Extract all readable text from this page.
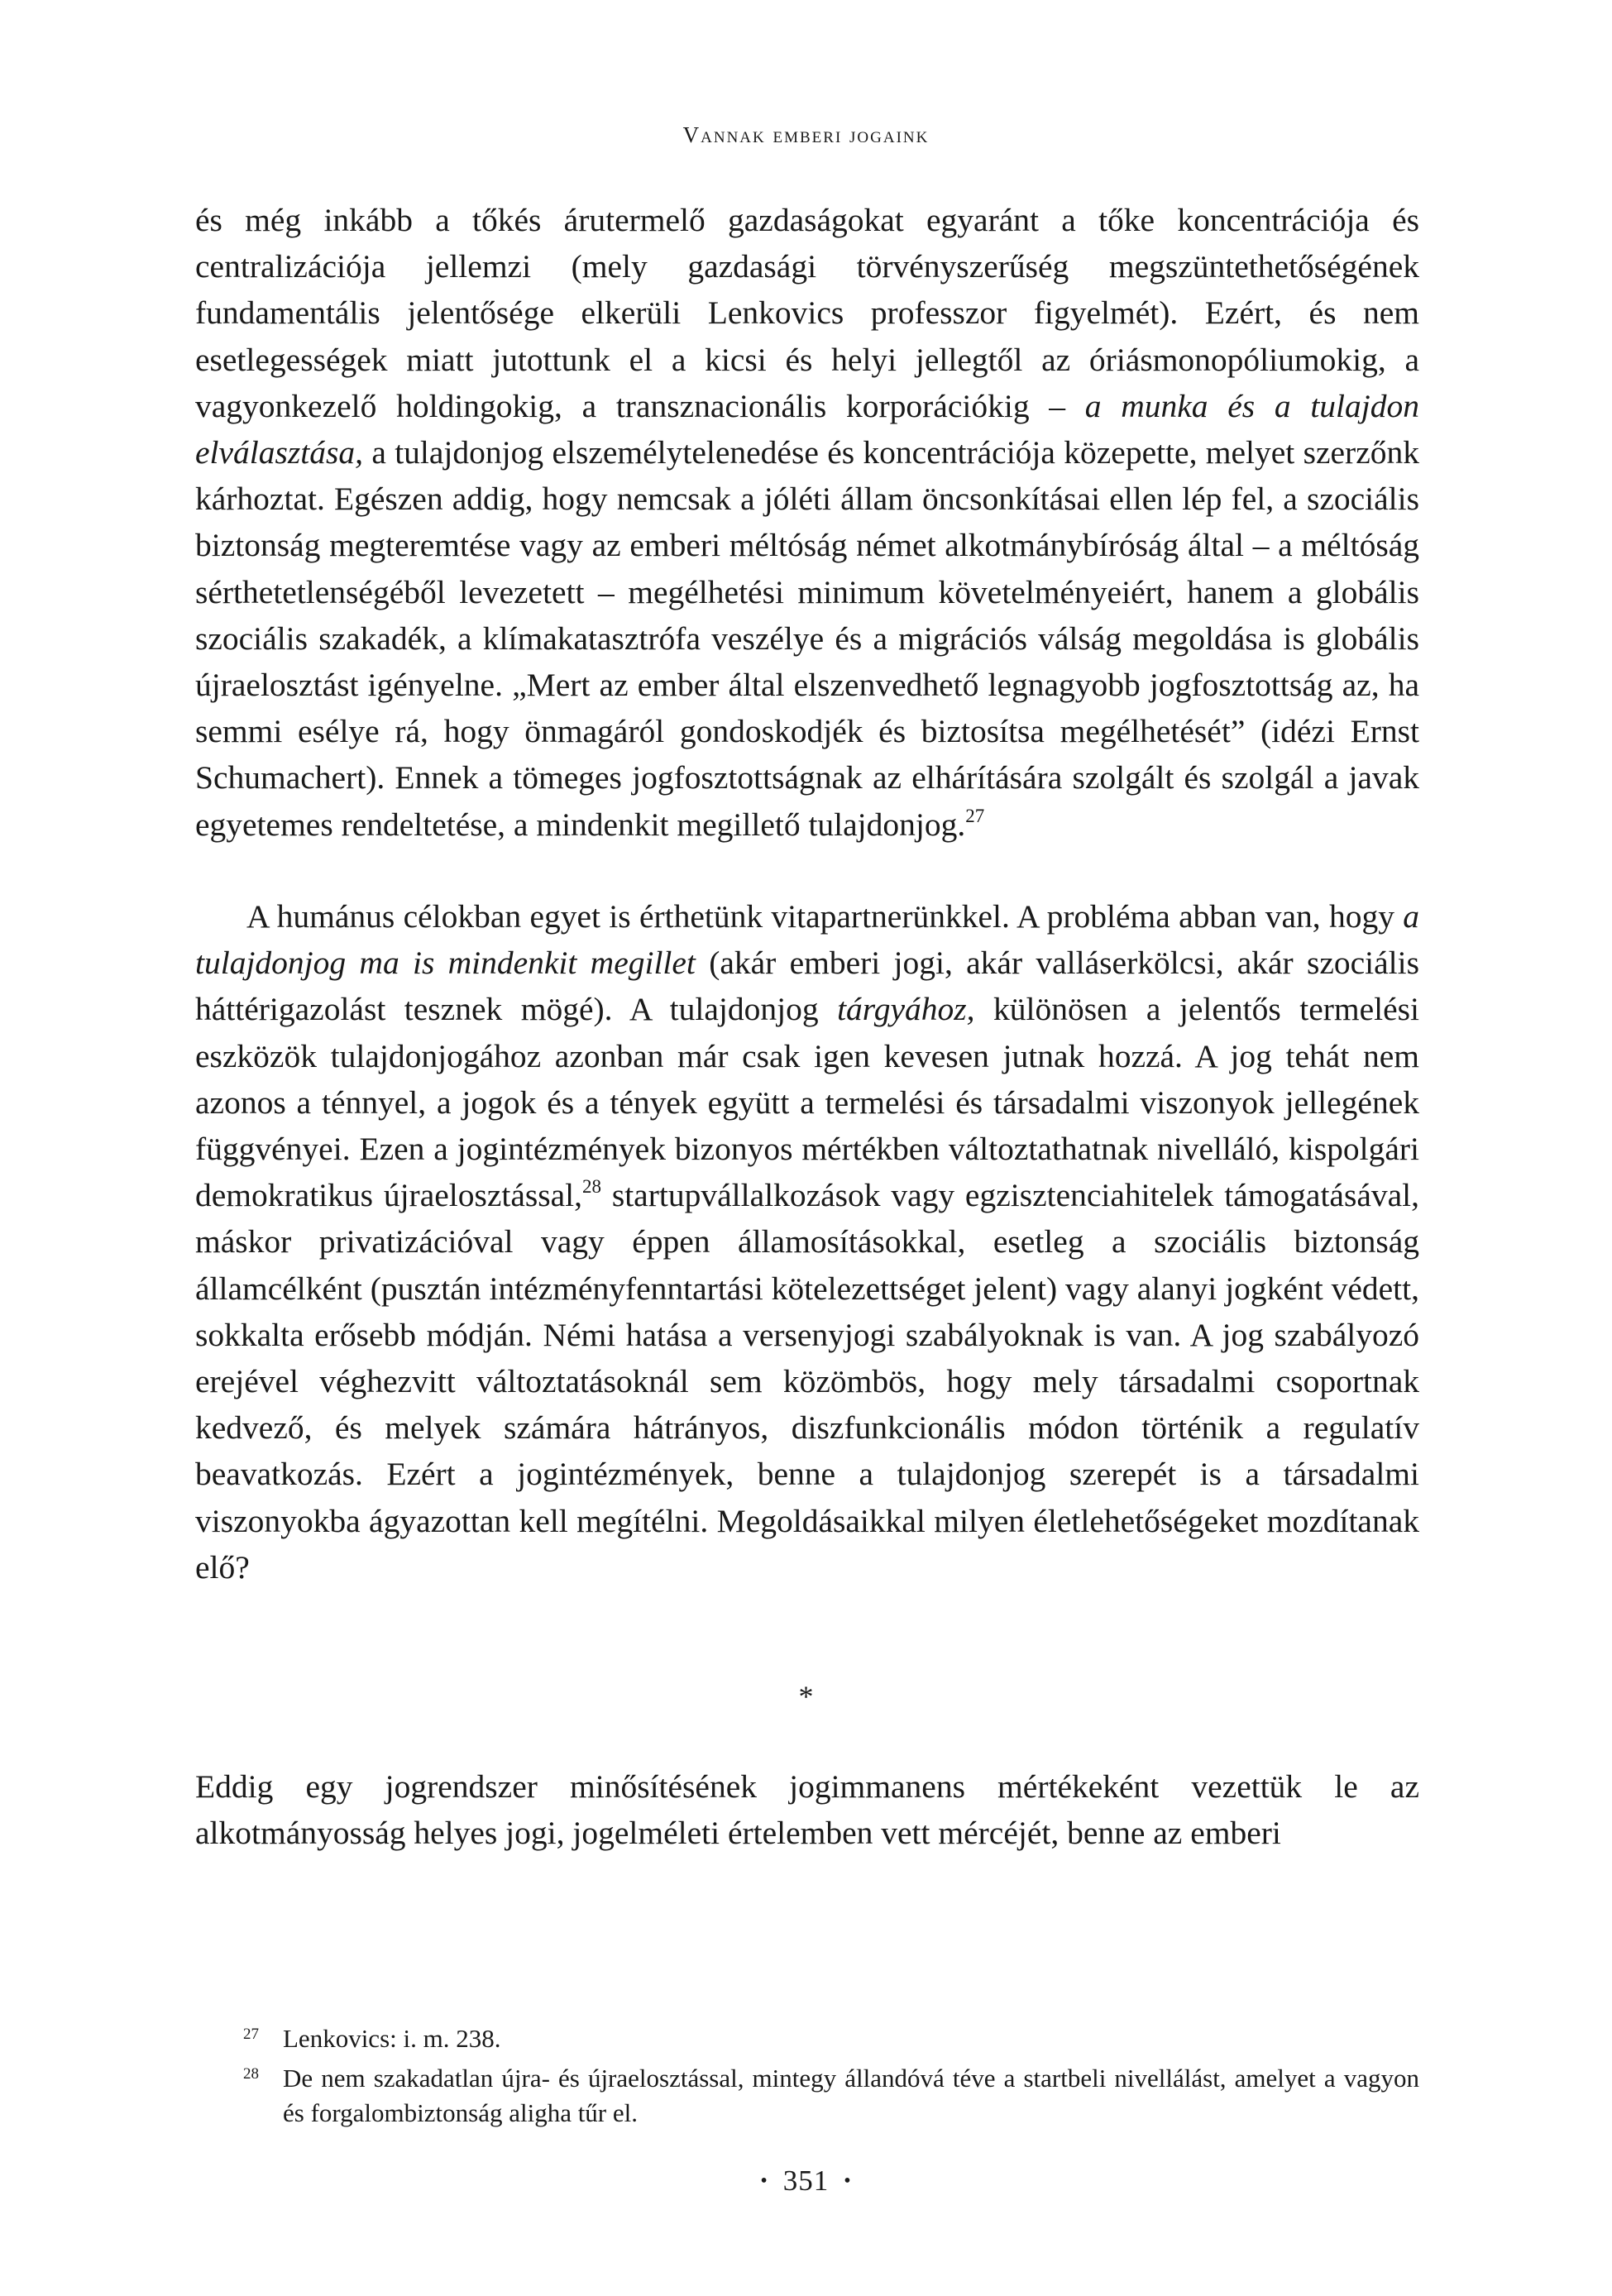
Vannak emberi jogaink

és még inkább a tőkés árutermelő gazdaságokat egyaránt a tőke koncentrációja és centralizációja jellemzi (mely gazdasági törvényszerűség megszüntethetőségének fundamentális jelentősége elkerüli Lenkovics professzor figyelmét). Ezért, és nem esetlegességek miatt jutottunk el a kicsi és helyi jellegtől az óriásmonopóliumokig, a vagyonkezelő holdingokig, a transznacionális korporációkig – a munka és a tulajdon elválasztása, a tulajdonjog elszemélytelenedése és koncentrációja közepette, melyet szerzőnk kárhoztat. Egészen addig, hogy nemcsak a jóléti állam öncsonkításai ellen lép fel, a szociális biztonság megteremtése vagy az emberi méltóság német alkotmánybíróság által – a méltóság sérthetetlenségéből levezetett – megélhetési minimum követelményeiért, hanem a globális szociális szakadék, a klímakatasztrófa veszélye és a migrációs válság megoldása is globális újraelosztást igényelne. „Mert az ember által elszenvedhető legnagyobb jogfosztottság az, ha semmi esélye rá, hogy önmagáról gondoskodjék és biztosítsa megélhetését” (idézi Ernst Schumachert). Ennek a tömeges jogfosztottságnak az elhárítására szolgált és szolgál a javak egyetemes rendeltetése, a mindenkit megillető tulajdonjog.$^{27}$

A humánus célokban egyet is érthetünk vitapartnerünkkel. A probléma abban van, hogy a tulajdonjog ma is mindenkit megillet (akár emberi jogi, akár valláserkölcsi, akár szociális háttérigazolást tesznek mögé). A tulajdonjog tárgyához, különösen a jelentős termelési eszközök tulajdonjogához azonban már csak igen kevesen jutnak hozzá. A jog tehát nem azonos a ténnyel, a jogok és a tények együtt a termelési és társadalmi viszonyok jellegének függvényei. Ezen a jogintézmények bizonyos mértékben változtathatnak nivelláló, kispolgári demokratikus újraelosztással,$^{28}$ startupvállalkozások vagy egzisztenciahitelek támogatásával, máskor privatizációval vagy éppen államosításokkal, esetleg a szociális biztonság államcélként (pusztán intézményfenntartási kötelezettséget jelent) vagy alanyi jogként védett, sokkalta erősebb módján. Némi hatása a versenyjogi szabályoknak is van. A jog szabályozó erejével véghezvitt változtatásoknál sem közömbös, hogy mely társadalmi csoportnak kedvező, és melyek számára hátrányos, diszfunkcionális módon történik a regulatív beavatkozás. Ezért a jogintézmények, benne a tulajdonjog szerepét is a társadalmi viszonyokba ágyazottan kell megítélni. Megoldásaikkal milyen életlehetőségeket mozdítanak elő?

*

Eddig egy jogrendszer minősítésének jogimmanens mértékeként vezettük le az alkotmányosság helyes jogi, jogelméleti értelemben vett mércéjét, benne az emberi

27 Lenkovics: i. m. 238.

28 De nem szakadatlan újra- és újraelosztással, mintegy állandóvá téve a startbeli nivellálást, amelyet a vagyon és forgalombiztonság aligha tűr el.

• 351 •
